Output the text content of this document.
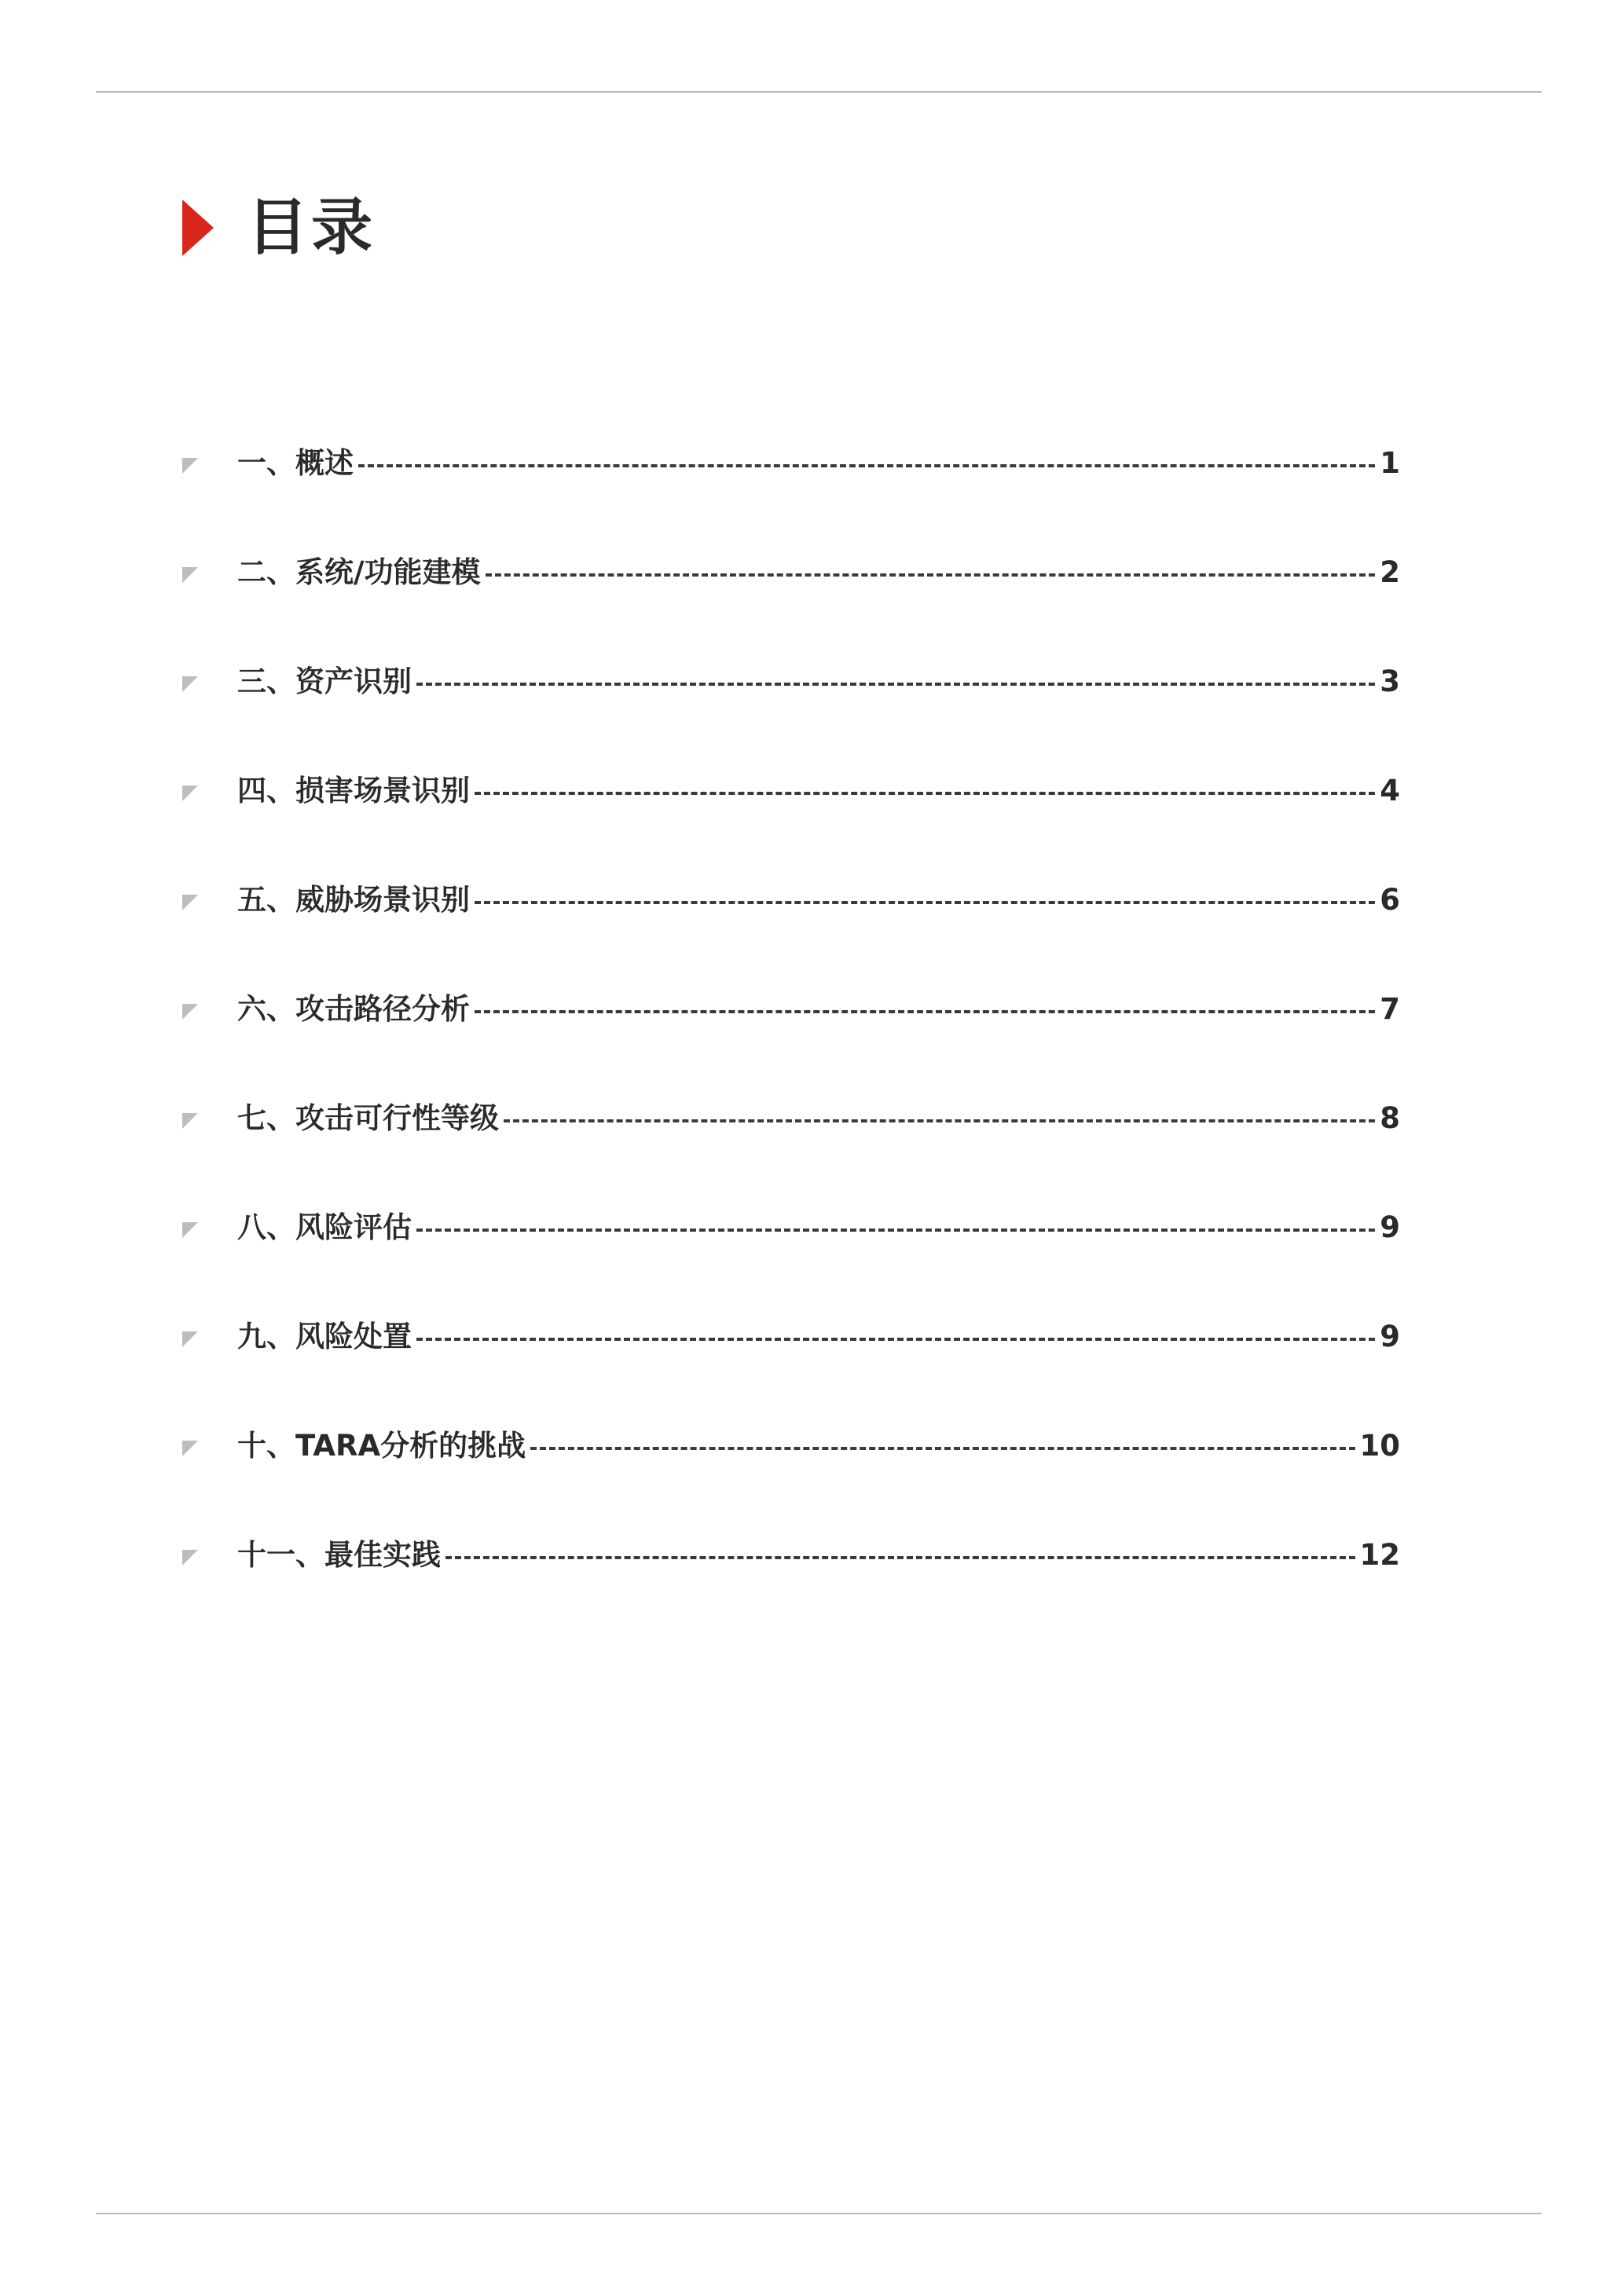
目录
一、概述	1
二、系统/功能建模	2
三、资产识别	3
四、损害场景识别	4
五、威胁场景识别	6
六、攻击路径分析	7
七、攻击可行性等级	8
八、风险评估	9
九、风险处置	9
十、TARA分析的挑战	10
十一、最佳实践	12
